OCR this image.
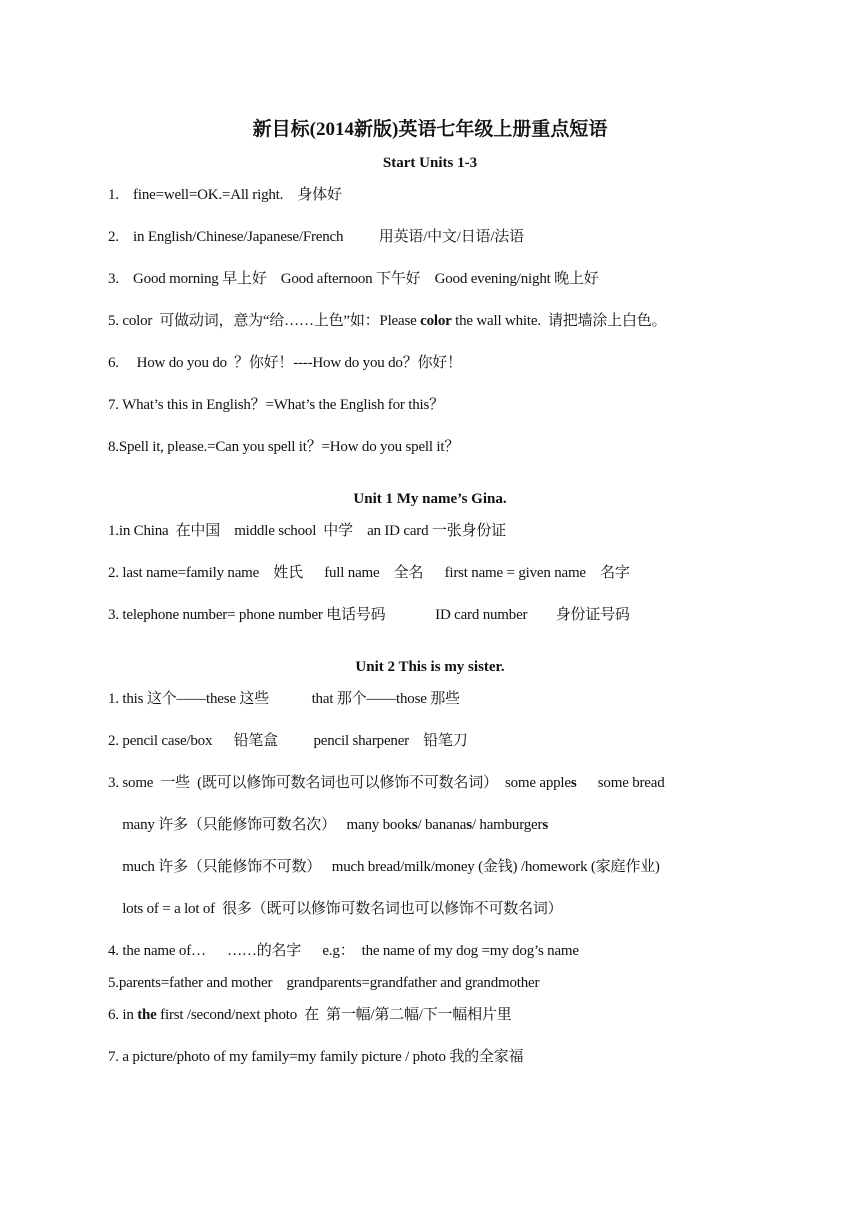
新目标(2014新版)英语七年级上册重点短语
Start Units 1-3
1.    fine=well=OK.=All right.    身体好
2.    in English/Chinese/Japanese/French          用英语/中文/日语/法语
3.    Good morning 早上好    Good afternoon 下午好    Good evening/night 晚上好
5. color  可做动词，意为“给……上色”如：Please color the wall white.  请把墙涂上白色。
6.     How do you do  ？你好！----How do you do？你好！
7. What’s this in English？=What’s the English for this？
8.Spell it, please.=Can you spell it？=How do you spell it？
Unit 1 My name’s Gina.
1.in China  在中国    middle school  中学    an ID card 一张身份证
2. last name=family name    姓氏      full name    全名      first name = given name    名字
3. telephone number= phone number 电话号码              ID card number        身份证号码
Unit 2 This is my sister.
1. this 这个——these 这些            that 那个——those 那些
2. pencil case/box      铅笔盒          pencil sharpener    铅笔刀
3. some  一些  (既可以修饰可数名词也可以修饰不可数名词）  some apples      some bread
many 许多（只能修饰可数名次）   many books/ bananas/ hamburgers
much 许多（只能修饰不可数）   much bread/milk/money (金钱) /homework (家庭作业)
lots of = a lot of  很多（既可以修饰可数名词也可以修饰不可数名词）
4. the name of…      ……的名字      e.g：  the name of my dog =my dog’s name
5.parents=father and mother    grandparents=grandfather and grandmother
6. in the first /second/next photo  在  第一幅/第二幅/下一幅相片里
7. a picture/photo of my family=my family picture / photo 我的全家福
